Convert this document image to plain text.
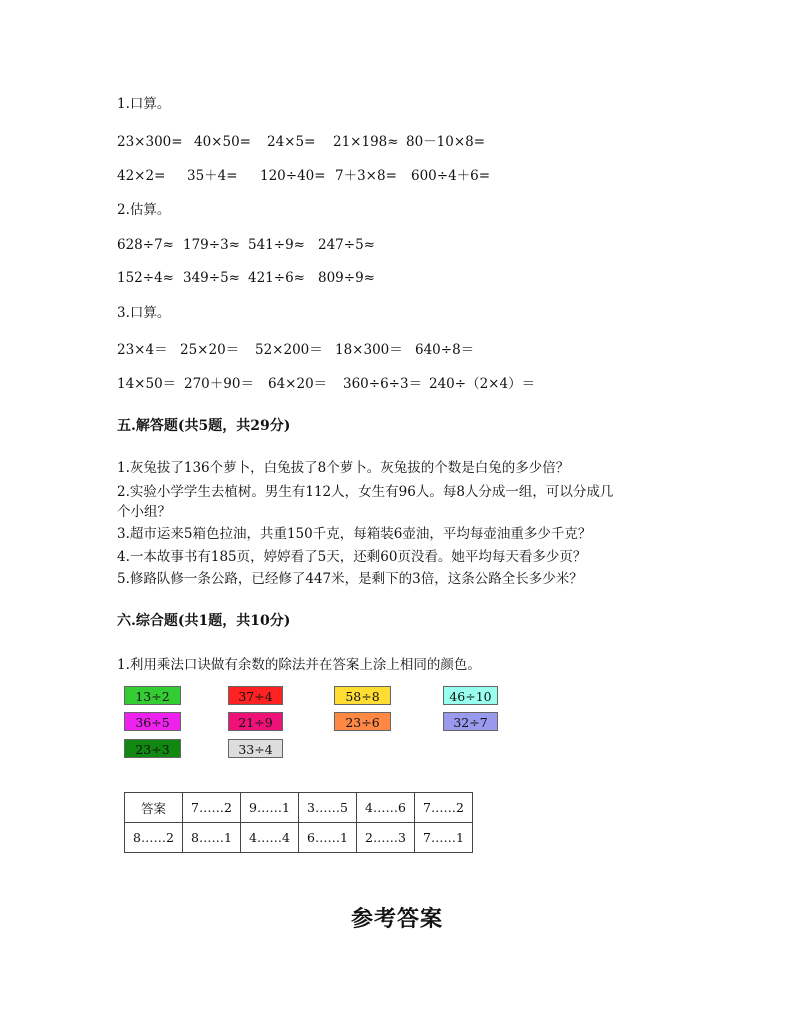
1.口算。
23×300= 40×50= 24×5= 21×198≈ 80－10×8=
42×2= 35＋4= 120÷40= 7＋3×8= 600÷4＋6=
2.估算。
628÷7≈ 179÷3≈ 541÷9≈ 247÷5≈
152÷4≈ 349÷5≈ 421÷6≈ 809÷9≈
3.口算。
23×4＝ 25×20＝ 52×200＝ 18×300＝ 640÷8＝
14×50＝ 270＋90＝ 64×20＝ 360÷6÷3＝ 240÷（2×4）＝
五.解答题(共5题，共29分)
1.灰兔拔了136个萝卜，白兔拔了8个萝卜。灰兔拔的个数是白兔的多少倍？
2.实验小学学生去植树。男生有112人，女生有96人。每8人分成一组，可以分成几
个小组？
3.超市运来5箱色拉油，共重150千克，每箱装6壶油，平均每壶油重多少千克？
4.一本故事书有185页，婷婷看了5天，还剩60页没看。她平均每天看多少页？
5.修路队修一条公路，已经修了447米，是剩下的3倍，这条公路全长多少米？
六.综合题(共1题，共10分)
1.利用乘法口诀做有余数的除法并在答案上涂上相同的颜色。
13÷2	37÷4	58÷8	46÷10
36÷5	21÷9	23÷6	32÷7
23÷3	33÷4
答案	7……2	9……1	3……5	4……6	7……2
8……2	8……1	4……4	6……1	2……3	7……1
参考答案
